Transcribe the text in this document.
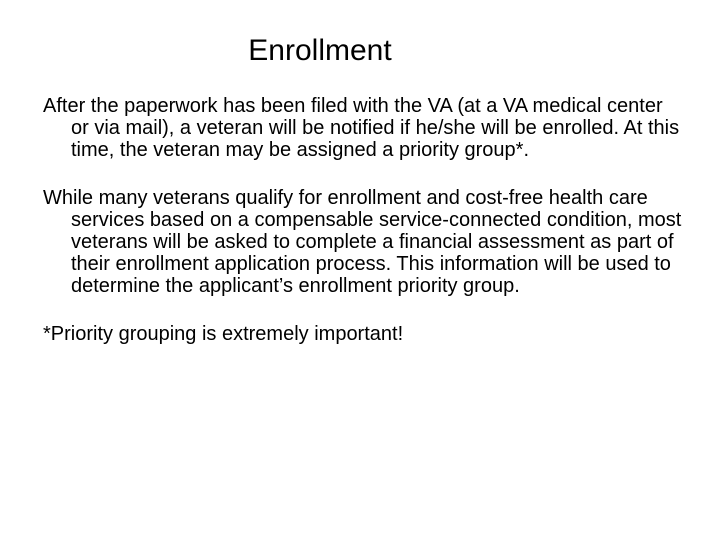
Enrollment

After the paperwork has been filed with the VA (at a VA medical center or via mail), a veteran will be notified if he/she will be enrolled. At this time, the veteran may be assigned a priority group*.

While many veterans qualify for enrollment and cost-free health care services based on a compensable service-connected condition, most veterans will be asked to complete a financial assessment as part of their enrollment application process. This information will be used to determine the applicant’s enrollment priority group.

*Priority grouping is extremely important!
